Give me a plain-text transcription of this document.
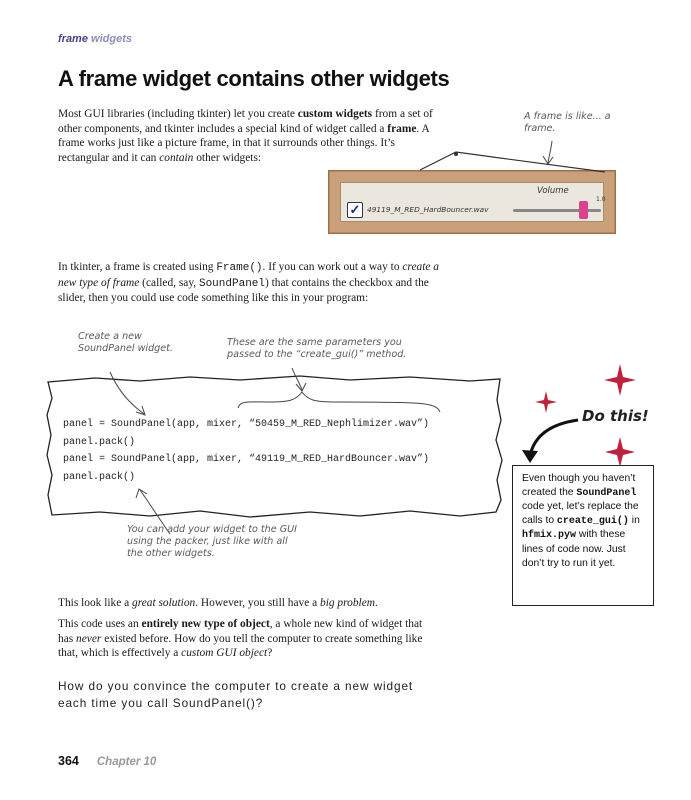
frame widgets
A frame widget contains other widgets
Most GUI libraries (including tkinter) let you create custom widgets from a set of other components, and tkinter includes a special kind of widget called a frame. A frame works just like a picture frame, in that it surrounds other things. It’s rectangular and it can contain other widgets:
A frame is like... a frame.
✓ 49119_M_RED_HardBouncer.wav
Volume
1.0
In tkinter, a frame is created using Frame(). If you can work out a way to create a new type of frame (called, say, SoundPanel) that contains the checkbox and the slider, then you could use code something like this in your program:
Create a new SoundPanel widget.
These are the same parameters you passed to the “create_gui()” method.
panel = SoundPanel(app, mixer, “50459_M_RED_Nephlimizer.wav”)
panel.pack()
panel = SoundPanel(app, mixer, “49119_M_RED_HardBouncer.wav”)
panel.pack()
You can add your widget to the GUI using the packer, just like with all the other widgets.
Do this!
Even though you haven’t created the SoundPanel code yet, let’s replace the calls to create_gui() in hfmix.pyw with these lines of code now. Just don’t try to run it yet.
This look like a great solution. However, you still have a big problem.
This code uses an entirely new type of object, a whole new kind of widget that has never existed before. How do you tell the computer to create something like that, which is effectively a custom GUI object?
How do you convince the computer to create a new widget each time you call SoundPanel()?
364 Chapter 10
